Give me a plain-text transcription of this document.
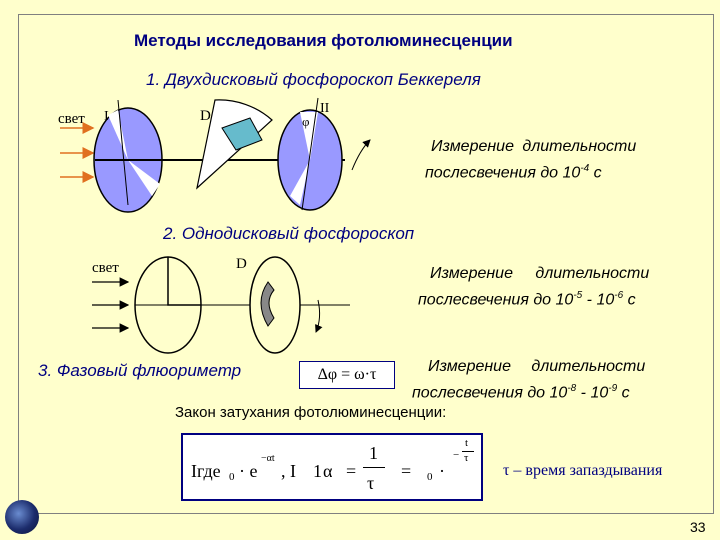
Методы исследования фотолюминесценции
1. Двухдисковый фосфороскоп Беккереля
2. Однодисковый фосфороскоп
3. Фазовый флюориметр
Измерение длительности
послесвечения до $10^{-4}$ с
Измерение длительности
послесвечения до $10^{-5} - 10^{-6}$ с
Измерение длительности
послесвечения до $10^{-8} - 10^{-9}$ с
Δφ = ω·τ
Закон затухания фотолюминесценции:
Iгде 0 · e
−αt
, I 1 α =
1
τ
= 0 ·
−
t
τ
τ – время запаздывания
33
свет I	D	II
φ
свет	D
